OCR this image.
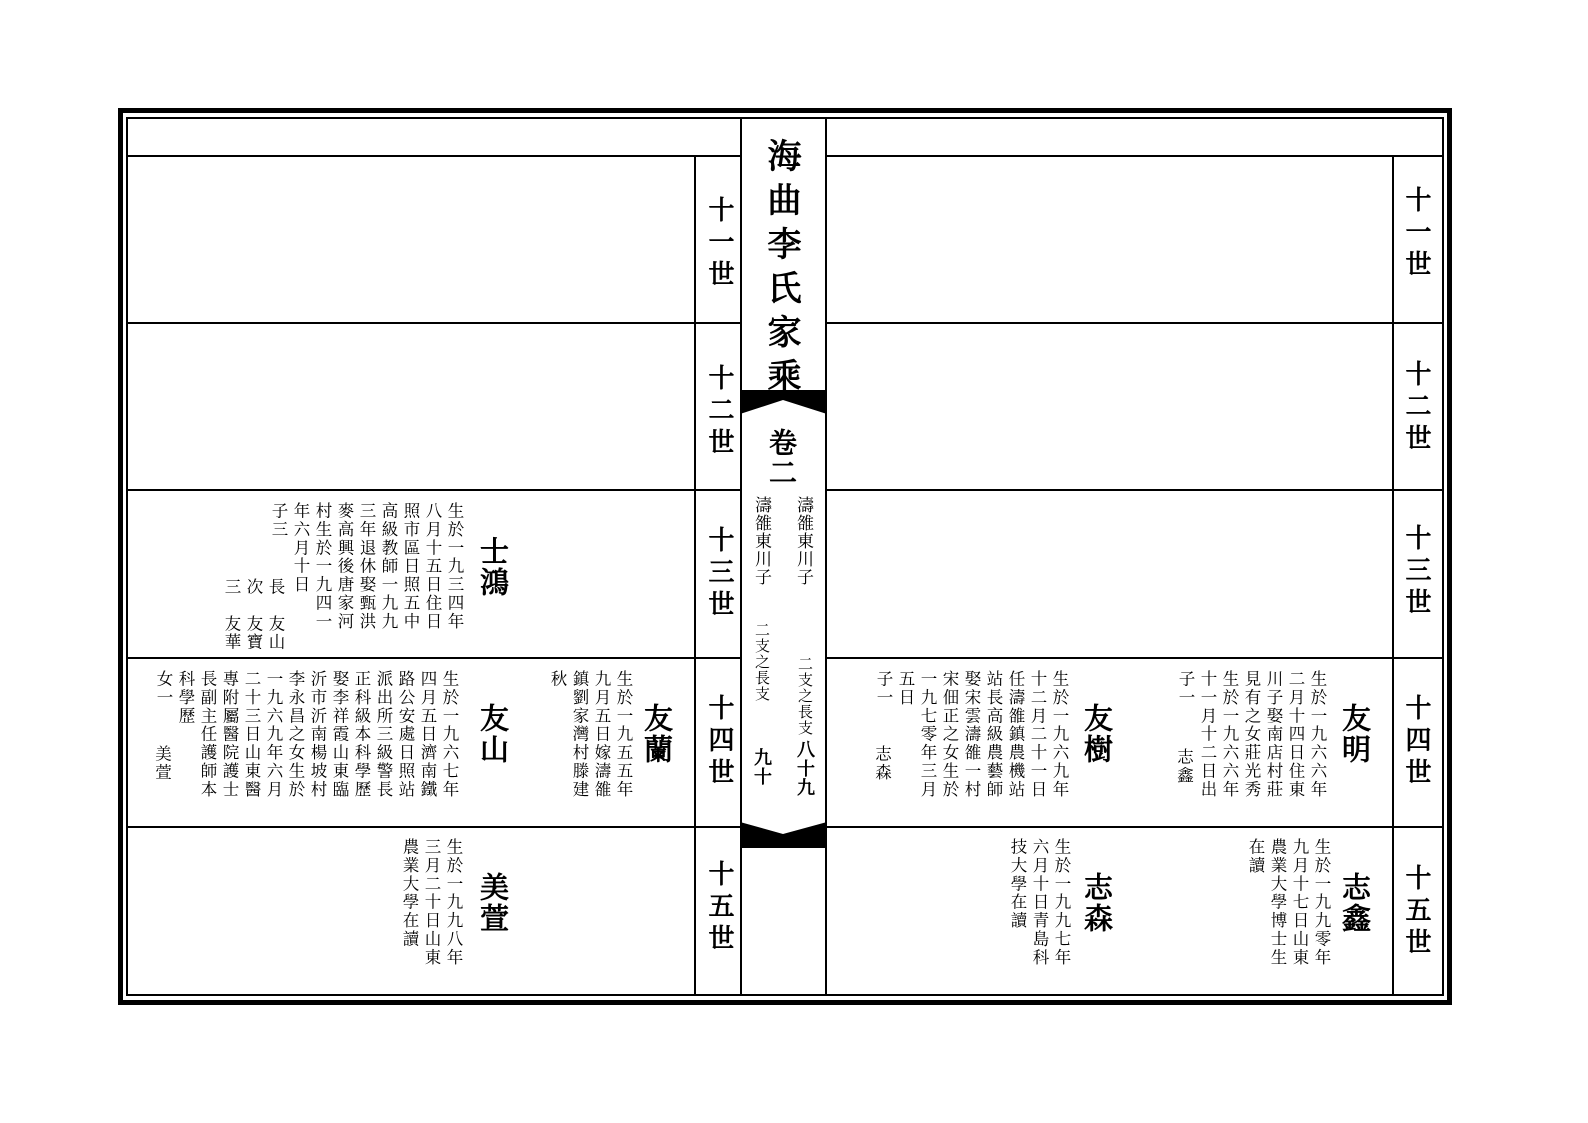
海曲李氏家乘
卷二
濤雒東川子
二支之長支
濤雒東川子
二支之長支
八十九
九十
十一世
十二世
十三世
十四世
十五世
十一世
十二世
十三世
十四世
十五世
士鴻
生於一九三四年
八月十五日住日
照市區日照五中
高級教師一九九
三年退休娶甄洪
麥高興後唐家河
村生於一九四一
年六月十日
子三
長　友山
次　友寶
三　友華
友蘭
生於一九五五年
九月五日嫁濤雒
鎮劉家灣村滕建
秋
友山
生於一九六七年
四月五日濟南鐵
路公安處日照站
派出所三級警長
正科級本科學歷
娶李祥霞山東臨
沂市沂南楊坡村
李永昌之女生於
一九六九年六月
二十三日山東醫
專附屬醫院護士
長副主任護師本
科學歷
女一
美萱
美萱
生於一九九八年
三月二十日山東
農業大學在讀
友明
生於一九六六年
二月十四日住東
川子娶南店村莊
見有之女莊光秀
生於一九六六年
十一月十二日出
子一
志鑫
友樹
生於一九六九年
十二月二十一日
任濤雒鎮農機站
站長高級農藝師
娶宋雲濤雒一村
宋佃正之女生於
一九七零年三月
五日
子一
志森
志鑫
生於一九九零年
九月十七日山東
農業大學博士生
在讀
志森
生於一九九七年
六月十日青島科
技大學在讀
